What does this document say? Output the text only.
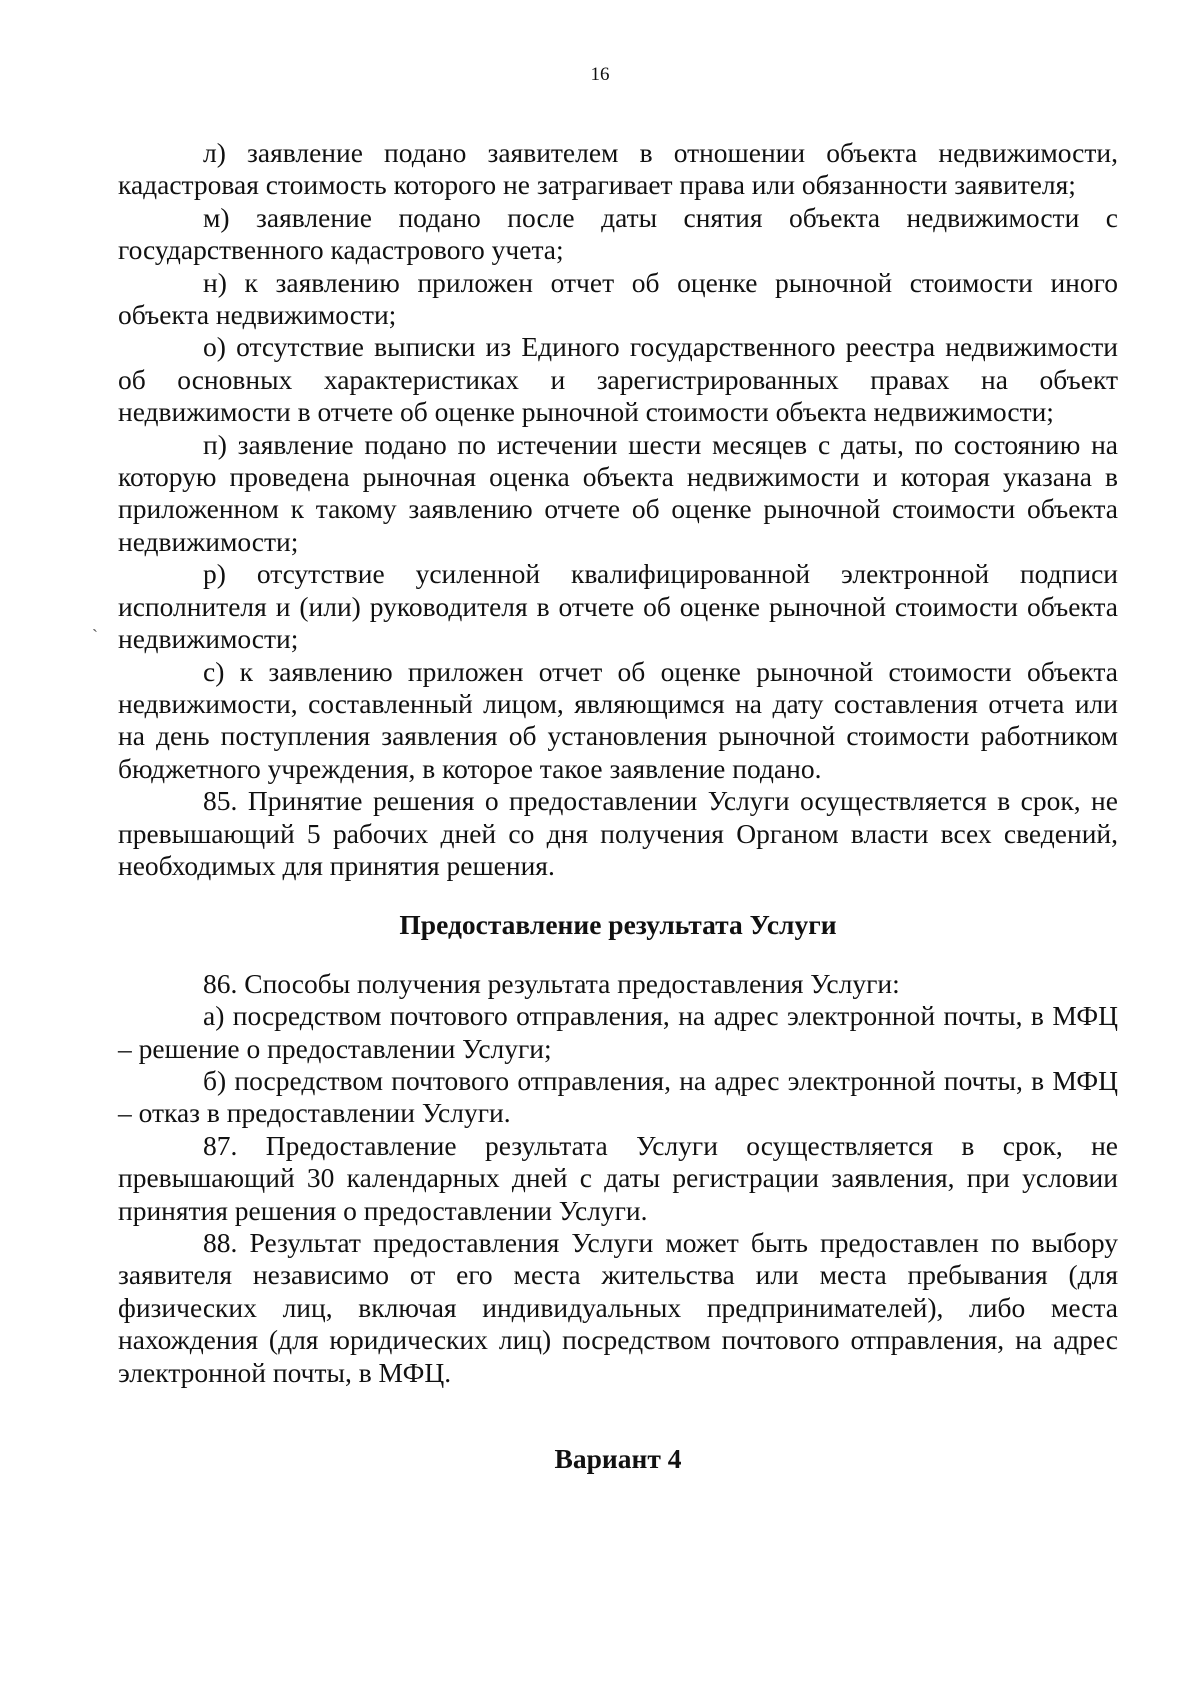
16
ˏ

л) заявление подано заявителем в отношении объекта недвижимости, кадастровая стоимость которого не затрагивает права или обязанности заявителя;

м) заявление подано после даты снятия объекта недвижимости с государственного кадастрового учета;

н) к заявлению приложен отчет об оценке рыночной стоимости иного объекта недвижимости;

о) отсутствие выписки из Единого государственного реестра недвижимости об основных характеристиках и зарегистрированных правах на объект недвижимости в отчете об оценке рыночной стоимости объекта недвижимости;

п) заявление подано по истечении шести месяцев с даты, по состоянию на которую проведена рыночная оценка объекта недвижимости и которая указана в приложенном к такому заявлению отчете об оценке рыночной стоимости объекта недвижимости;

р) отсутствие усиленной квалифицированной электронной подписи исполнителя и (или) руководителя в отчете об оценке рыночной стоимости объекта недвижимости;

с) к заявлению приложен отчет об оценке рыночной стоимости объекта недвижимости, составленный лицом, являющимся на дату составления отчета или на день поступления заявления об установления рыночной стоимости работником бюджетного учреждения, в которое такое заявление подано.

85. Принятие решения о предоставлении Услуги осуществляется в срок, не превышающий 5 рабочих дней со дня получения Органом власти всех сведений, необходимых для принятия решения.

Предоставление результата Услуги

86. Способы получения результата предоставления Услуги:

а) посредством почтового отправления, на адрес электронной почты, в МФЦ – решение о предоставлении Услуги;

б) посредством почтового отправления, на адрес электронной почты, в МФЦ – отказ в предоставлении Услуги.

87. Предоставление результата Услуги осуществляется в срок, не превышающий 30 календарных дней с даты регистрации заявления, при условии принятия решения о предоставлении Услуги.

88. Результат предоставления Услуги может быть предоставлен по выбору заявителя независимо от его места жительства или места пребывания (для физических лиц, включая индивидуальных предпринимателей), либо места нахождения (для юридических лиц) посредством почтового отправления, на адрес электронной почты, в МФЦ.

Вариант 4
